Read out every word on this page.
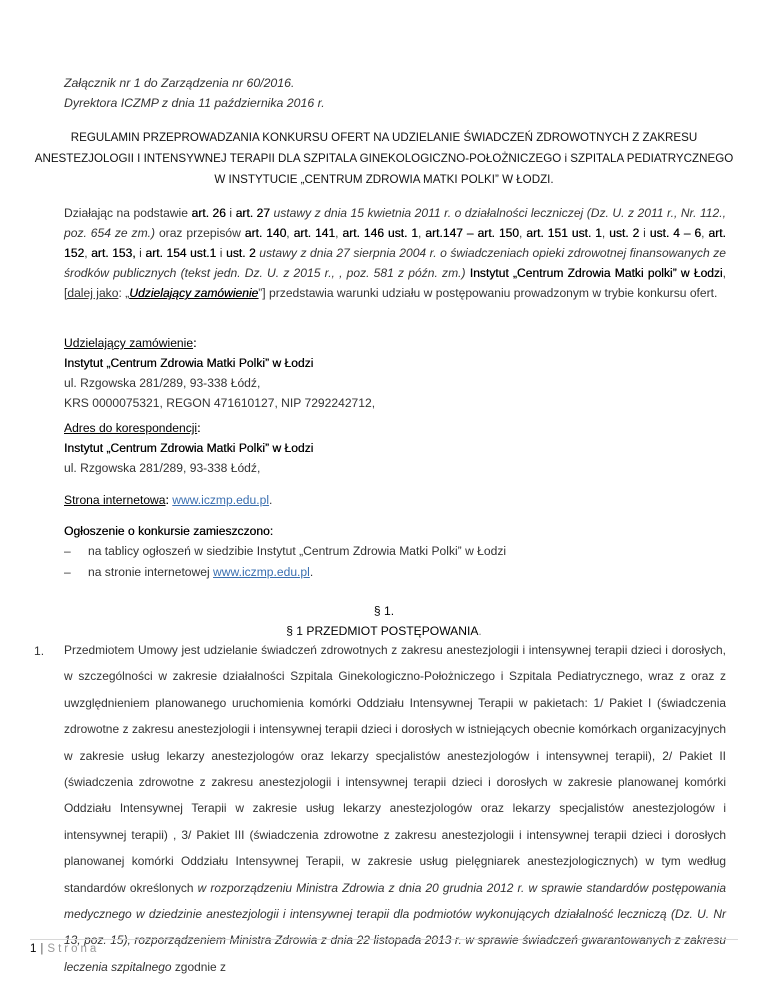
Załącznik nr 1 do Zarządzenia nr 60/2016.
Dyrektora ICZMP z dnia 11 października 2016 r.
REGULAMIN PRZEPROWADZANIA KONKURSU OFERT NA UDZIELANIE ŚWIADCZEŃ ZDROWOTNYCH Z ZAKRESU
ANESTEZJOLOGII I INTENSYWNEJ TERAPII DLA SZPITALA GINEKOLOGICZNO-POŁOŻNICZEGO i SZPITALA PEDIATRYCZNEGO
W INSTYTUCIE „CENTRUM ZDROWIA MATKI POLKI” W ŁODZI.
Działając na podstawie art. 26 i art. 27 ustawy z dnia 15 kwietnia 2011 r. o działalności leczniczej (Dz. U. z 2011 r., Nr. 112., poz. 654 ze zm.) oraz przepisów art. 140, art. 141, art. 146 ust. 1, art.147 – art. 150, art. 151 ust. 1, ust. 2 i ust. 4 – 6, art. 152, art. 153, i art. 154 ust.1 i ust. 2 ustawy z dnia 27 sierpnia 2004 r. o świadczeniach opieki zdrowotnej finansowanych ze środków publicznych (tekst jedn. Dz. U. z 2015 r., , poz. 581 z późn. zm.) Instytut „Centrum Zdrowia Matki polki” w Łodzi, [dalej jako: „Udzielający zamówienie”] przedstawia warunki udziału w postępowaniu prowadzonym w trybie konkursu ofert.
Udzielający zamówienie:
Instytut „Centrum Zdrowia Matki Polki” w Łodzi
ul. Rzgowska 281/289, 93-338 Łódź,
KRS 0000075321, REGON 471610127, NIP 7292242712,
Adres do korespondencji:
Instytut „Centrum Zdrowia Matki Polki” w Łodzi
ul. Rzgowska 281/289, 93-338 Łódź,
Strona internetowa: www.iczmp.edu.pl.
Ogłoszenie o konkursie zamieszczono:
– na tablicy ogłoszeń w siedzibie Instytut „Centrum Zdrowia Matki Polki” w Łodzi
– na stronie internetowej www.iczmp.edu.pl.
§ 1.
§ 1 PRZEDMIOT POSTĘPOWANIA.
1. Przedmiotem Umowy jest udzielanie świadczeń zdrowotnych z zakresu anestezjologii i intensywnej terapii dzieci i dorosłych, w szczególności w zakresie działalności Szpitala Ginekologiczno-Położniczego i Szpitala Pediatrycznego, wraz z oraz z uwzględnieniem planowanego uruchomienia komórki Oddziału Intensywnej Terapii w pakietach: 1/ Pakiet I (świadczenia zdrowotne z zakresu anestezjologii i intensywnej terapii dzieci i dorosłych w istniejących obecnie komórkach organizacyjnych w zakresie usług lekarzy anestezjologów oraz lekarzy specjalistów anestezjologów i intensywnej terapii), 2/ Pakiet II (świadczenia zdrowotne z zakresu anestezjologii i intensywnej terapii dzieci i dorosłych w zakresie planowanej komórki Oddziału Intensywnej Terapii w zakresie usług lekarzy anestezjologów oraz lekarzy specjalistów anestezjologów i intensywnej terapii) , 3/ Pakiet III (świadczenia zdrowotne z zakresu anestezjologii i intensywnej terapii dzieci i dorosłych planowanej komórki Oddziału Intensywnej Terapii, w zakresie usług pielęgniarek anestezjologicznych) w tym według standardów określonych w rozporządzeniu Ministra Zdrowia z dnia 20 grudnia 2012 r. w sprawie standardów postępowania medycznego w dziedzinie anestezjologii i intensywnej terapii dla podmiotów wykonujących działalność leczniczą (Dz. U. Nr 13, poz. 15), rozporządzeniem Ministra Zdrowia z dnia 22 listopada 2013 r. w sprawie świadczeń gwarantowanych z zakresu leczenia szpitalnego zgodnie z
1 | Strona
